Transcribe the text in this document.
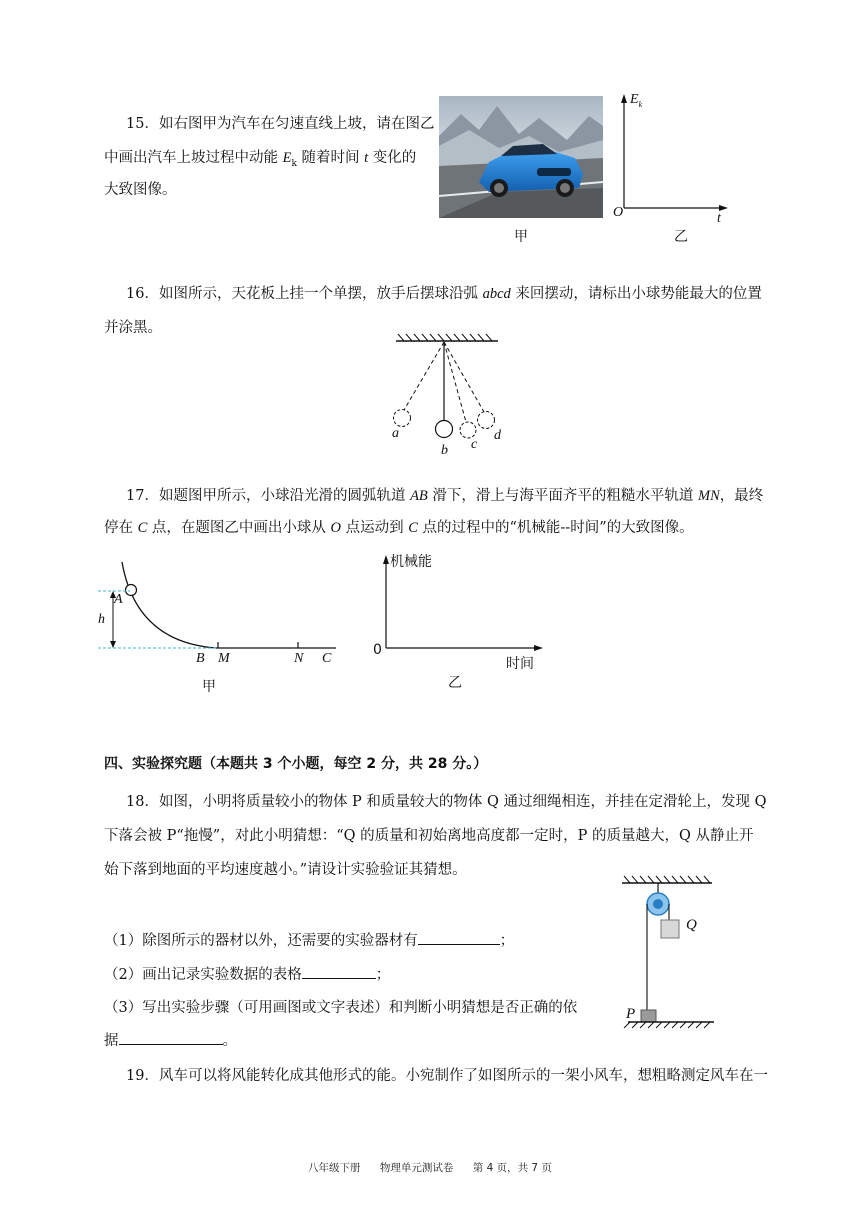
15．如右图甲为汽车在匀速直线上坡，请在图乙
中画出汽车上坡过程中动能 $E_k$ 随着时间 t 变化的
大致图像。
甲
$E_k$
O	t
乙
16．如图所示，天花板上挂一个单摆，放手后摆球沿弧 abcd 来回摆动，请标出小球势能最大的位置
并涂黑。
a
b c
d
17．如题图甲所示，小球沿光滑的圆弧轨道 AB 滑下，滑上与海平面齐平的粗糙水平轨道 MN，最终
停在 C 点，在题图乙中画出小球从 O 点运动到 C 点的过程中的“机械能--时间”的大致图像。
A
h
B M	N C
甲
机械能
0
时间
乙
四、实验探究题（本题共 3 个小题，每空 2 分，共 28 分。）
18．如图，小明将质量较小的物体 P 和质量较大的物体 Q 通过细绳相连，并挂在定滑轮上，发现 Q
下落会被 P“拖慢”，对此小明猜想：“Q 的质量和初始离地高度都一定时，P 的质量越大，Q 从静止开
始下落到地面的平均速度越小。”请设计实验验证其猜想。
（1）除图所示的器材以外，还需要的实验器材有	；
（2）画出记录实验数据的表格	；
（3）写出实验步骤（可用画图或文字表述）和判断小明猜想是否正确的依
据	。
Q
P
19．风车可以将风能转化成其他形式的能。小宛制作了如图所示的一架小风车，想粗略测定风车在一
八年级下册 物理单元测试卷 第 4 页，共 7 页
